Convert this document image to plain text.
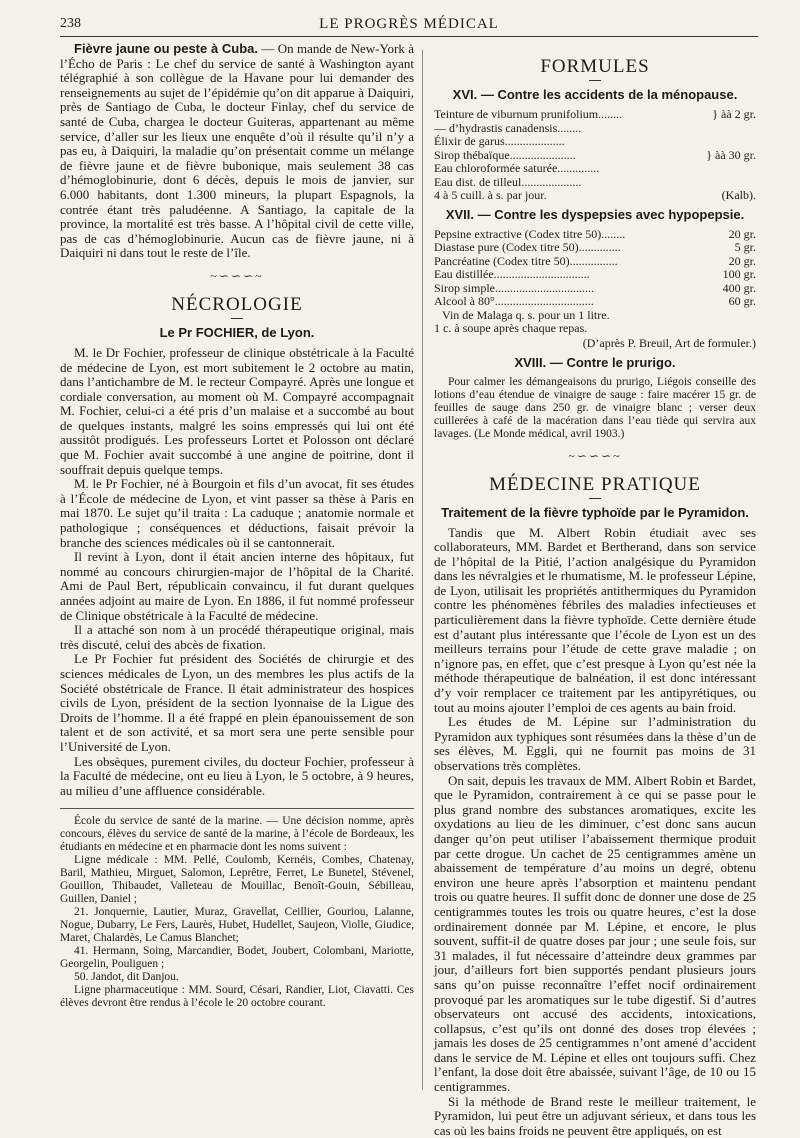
238	LE PROGRÈS MÉDICAL

Fièvre jaune ou peste à Cuba. — On mande de New-York à l’Écho de Paris : Le chef du service de santé à Washington ayant télégraphié à son collègue de la Havane pour lui demander des renseignements au sujet de l’épidémie qu’on dit apparue à Daiquiri, près de Santiago de Cuba, le docteur Finlay, chef du service de santé de Cuba, chargea le docteur Guiteras, appartenant au même service, d’aller sur les lieux une enquête d’où il résulte qu’il n’y a pas eu, à Daiquiri, la maladie qu’on présentait comme un mélange de fièvre jaune et de fièvre bubonique, mais seulement 38 cas d’hémoglobinurie, dont 6 décès, depuis le mois de janvier, sur 6.000 habitants, dont 1.300 mineurs, la plupart Espagnols, la contrée étant très paludéenne. A Santiago, la capitale de la province, la mortalité est très basse. A l’hôpital civil de cette ville, pas de cas d’hémoglobinurie. Aucun cas de fièvre jaune, ni à Daiquiri ni dans tout le reste de l’île.

~∽∽∽~
NÉCROLOGIE
Le Pr FOCHIER, de Lyon.

M. le Dr Fochier, professeur de clinique obstétricale à la Faculté de médecine de Lyon, est mort subitement le 2 octobre au matin, dans l’antichambre de M. le recteur Compayré. Après une longue et cordiale conversation, au moment où M. Compayré accompagnait M. Fochier, celui-ci a été pris d’un malaise et a succombé au bout de quelques instants, malgré les soins empressés qui lui ont été aussitôt prodigués. Les professeurs Lortet et Polosson ont déclaré que M. Fochier avait succombé à une angine de poitrine, dont il souffrait depuis quelque temps.

M. le Pr Fochier, né à Bourgoin et fils d’un avocat, fit ses études à l’École de médecine de Lyon, et vint passer sa thèse à Paris en mai 1870. Le sujet qu’il traita : La caduque ; anatomie normale et pathologique ; conséquences et déductions, faisait prévoir la branche des sciences médicales où il se cantonnerait.

Il revint à Lyon, dont il était ancien interne des hôpitaux, fut nommé au concours chirurgien-major de l’hôpital de la Charité. Ami de Paul Bert, républicain convaincu, il fut durant quelques années adjoint au maire de Lyon. En 1886, il fut nommé professeur de Clinique obstétricale à la Faculté de médecine.

Il a attaché son nom à un procédé thérapeutique original, mais très discuté, celui des abcès de fixation.

Le Pr Fochier fut président des Sociétés de chirurgie et des sciences médicales de Lyon, un des membres les plus actifs de la Société obstétricale de France. Il était administrateur des hospices civils de Lyon, président de la section lyonnaise de la Ligue des Droits de l’homme. Il a été frappé en plein épanouissement de son talent et de son activité, et sa mort sera une perte sensible pour l’Université de Lyon.

Les obsèques, purement civiles, du docteur Fochier, professeur à la Faculté de médecine, ont eu lieu à Lyon, le 5 octobre, à 9 heures, au milieu d’une affluence considérable.

École du service de santé de la marine. — Une décision nomme, après concours, élèves du service de santé de la marine, à l’école de Bordeaux, les étudiants en médecine et en pharmacie dont les noms suivent :

Ligne médicale : MM. Pellé, Coulomb, Kernéis, Combes, Chatenay, Baril, Mathieu, Mirguet, Salomon, Leprêtre, Ferret, Le Bunetel, Stévenel, Gouillon, Thibaudet, Valleteau de Mouillac, Benoît-Gouin, Sébilleau, Guillen, Daniel ;

21. Jonquernie, Lautier, Muraz, Gravellat, Ceillier, Gouriou, Lalanne, Nogue, Dubarry, Le Fers, Laurès, Hubet, Hudellet, Saujeon, Violle, Giudice, Maret, Chalardès, Le Camus Blanchet;

41. Hermann, Soing, Marcandier, Bodet, Joubert, Colombani, Mariotte, Georgelin, Pouliguen ;

50. Jandot, dit Danjou.

Ligne pharmaceutique : MM. Sourd, Césari, Randier, Liot, Ciavatti. Ces élèves devront être rendus à l’école le 20 octobre courant.

FORMULES
XVI. — Contre les accidents de la ménopause.
Teinture de viburnum prunifolium........	} àà 2 gr.
— d’hydrastis canadensis........
Élixir de garus....................
Sirop thébaïque......................	} àà 30 gr.
Eau chloroformée saturée..............
Eau dist. de tilleul....................
4 à 5 cuill. à s. par jour.	(Kalb).
XVII. — Contre les dyspepsies avec hypopepsie.
Pepsine extractive (Codex titre 50)........	20 gr.
Diastase pure (Codex titre 50)..............	5 gr.
Pancréatine (Codex titre 50)................	20 gr.
Eau distillée................................	100 gr.
Sirop simple.................................	400 gr.
Alcool à 80°.................................	60 gr.
Vin de Malaga q. s. pour un 1 litre.
1 c. à soupe après chaque repas.
(D’après P. Breuil, Art de formuler.)
XVIII. — Contre le prurigo.

Pour calmer les démangeaisons du prurigo, Liégois conseille des lotions d’eau étendue de vinaigre de sauge : faire macérer 15 gr. de feuilles de sauge dans 250 gr. de vinaigre blanc ; verser deux cuillerées à café de la macération dans l’eau tiède qui servira aux lavages. (Le Monde médical, avril 1903.)

~∽∽∽~
MÉDECINE PRATIQUE
Traitement de la fièvre typhoïde par le Pyramidon.

Tandis que M. Albert Robin étudiait avec ses collaborateurs, MM. Bardet et Bertherand, dans son service de l’hôpital de la Pitié, l’action analgésique du Pyramidon dans les névralgies et le rhumatisme, M. le professeur Lépine, de Lyon, utilisait les propriétés antithermiques du Pyramidon contre les phénomènes fébriles des maladies infectieuses et particulièrement dans la fièvre typhoïde. Cette dernière étude est d’autant plus intéressante que l’école de Lyon est un des meilleurs terrains pour l’étude de cette grave maladie ; on n’ignore pas, en effet, que c’est presque à Lyon qu’est née la méthode thérapeutique de balnéation, il est donc intéressant d’y voir remplacer ce traitement par les antipyrétiques, ou tout au moins ajouter l’emploi de ces agents au bain froid.

Les études de M. Lépine sur l’administration du Pyramidon aux typhiques sont résumées dans la thèse d’un de ses élèves, M. Eggli, qui ne fournit pas moins de 31 observations très complètes.

On sait, depuis les travaux de MM. Albert Robin et Bardet, que le Pyramidon, contrairement à ce qui se passe pour le plus grand nombre des substances aromatiques, excite les oxydations au lieu de les diminuer, c’est donc sans aucun danger qu’on peut utiliser l’abaissement thermique produit par cette drogue. Un cachet de 25 centigrammes amène un abaissement de température d’au moins un degré, obtenu environ une heure après l’absorption et maintenu pendant trois ou quatre heures. Il suffit donc de donner une dose de 25 centigrammes toutes les trois ou quatre heures, c’est la dose ordinairement donnée par M. Lépine, et encore, le plus souvent, suffit-il de quatre doses par jour ; une seule fois, sur 31 malades, il fut nécessaire d’atteindre deux grammes par jour, d’ailleurs fort bien supportés pendant plusieurs jours sans qu’on puisse reconnaître l’effet nocif ordinairement provoqué par les aromatiques sur le tube digestif. Si d’autres observateurs ont accusé des accidents, intoxications, collapsus, c’est qu’ils ont donné des doses trop élevées ; jamais les doses de 25 centigrammes n’ont amené d’accident dans le service de M. Lépine et elles ont toujours suffi. Chez l’enfant, la dose doit être abaissée, suivant l’âge, de 10 ou 15 centigrammes.

Si la méthode de Brand reste le meilleur traitement, le Pyramidon, lui peut être un adjuvant sérieux, et dans tous les cas où les bains froids ne peuvent être appliqués, on est
